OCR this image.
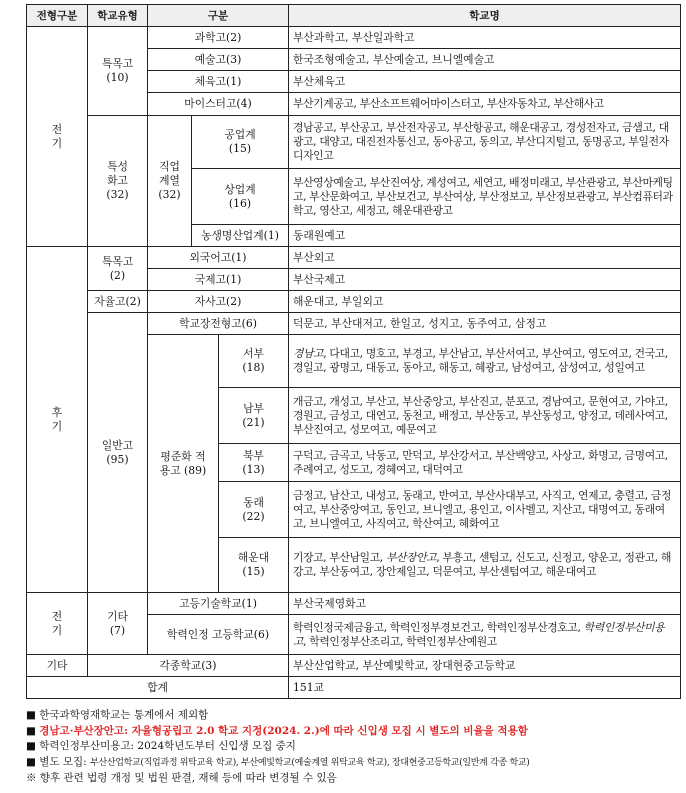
전형구분	학교유형	구분			학교명

전기	특목고 (10)	과학고(2)			부산과학고, 부산일과학고
		예술고(3)			한국조형예술고, 부산예술고, 브니엘예술고
		체육고(1)			부산체육고
		마이스터고(4)			부산기계공고, 부산소프트웨어마이스터고, 부산자동차고, 부산해사고

	특성 화고 (32)	직업 계열 (32)	공업계 (15)		경남공고, 부산공고, 부산전자공고, 부산항공고, 해운대공고, 경성전자고, 금샘고, 대광고, 대양고, 대진전자통신고, 동아공고, 동의고, 부산디지털고, 동명공고, 부일전자디자인고

			상업계 (16)		부산영상예술고, 부산진여상, 계성여고, 세연고, 배정미래고, 부산관광고, 부산마케팅고, 부산문화여고, 부산보건고, 부산여상, 부산정보고, 부산정보관광고, 부산컴퓨터과학고, 영산고, 세정고, 해운대관광고
			농생명산업계(1)		동래원예고

후기	특목고 (2)	외국어고(1)			부산외고
		국제고(1)			부산국제고
	자율고(2)	자사고(2)			해운대고, 부일외고

	일반고 (95)	학교장전형고(6)			덕문고, 부산대저고, 한일고, 성지고, 동주여고, 삼정고

		평준화 적용고 (89)		서부 (18)	경남고, 다대고, 명호고, 부경고, 부산남고, 부산서여고, 부산여고, 영도여고, 건국고, 경일고, 광명고, 대동고, 동아고, 해동고, 혜광고, 남성여고, 삼성여고, 성일여고

				남부 (21)	개금고, 개성고, 부산고, 부산중앙고, 부산진고, 분포고, 경남여고, 문현여고, 가야고, 경원고, 금성고, 대연고, 동천고, 배정고, 부산동고, 부산동성고, 양정고, 데레사여고, 부산진여고, 성모여고, 예문여고

				북부 (13)	구덕고, 금곡고, 낙동고, 만덕고, 부산강서고, 부산백양고, 사상고, 화명고, 금명여고, 주례여고, 성도고, 경혜여고, 대덕여고

				동래 (22)	금정고, 남산고, 내성고, 동래고, 반여고, 부산사대부고, 사직고, 연제고, 충렬고, 금정여고, 부산중앙여고, 동인고, 브니엘고, 용인고, 이사벨고, 지산고, 대명여고, 동래여고, 브니엘여고, 사직여고, 학산여고, 혜화여고

				해운대 (15)	기장고, 부산남일고, 부산장안고, 부흥고, 센텀고, 신도고, 신정고, 양운고, 정관고, 해강고, 부산동여고, 장안제일고, 덕문여고, 부산센텀여고, 해운대여고

전기	기타 (7)	고등기술학교(1)			부산국제영화고
		학력인정 고등학교(6)			학력인정국제금융고, 학력인정부경보건고, 학력인정부산경호고, 학력인정부산미용고, 학력인정부산조리고, 학력인정부산예원고
기타	각종학교(3)				부산산업학교, 부산예빛학교, 장대현중고등학교
합계					151교
■ 한국과학영재학교는 통계에서 제외함
■ 경남고·부산장안고: 자율형공립고 2.0 학교 지정(2024. 2.)에 따라 신입생 모집 시 별도의 비율을 적용함
■ 학력인정부산미용고: 2024학년도부터 신입생 모집 중지
■ 별도 모집: 부산산업학교(직업과정 위탁교육 학교), 부산예빛학교(예술계열 위탁교육 학교), 장대현중고등학교(일반계 각종 학교)
※ 향후 관련 법령 개정 및 법원 판결, 재해 등에 따라 변경될 수 있음
